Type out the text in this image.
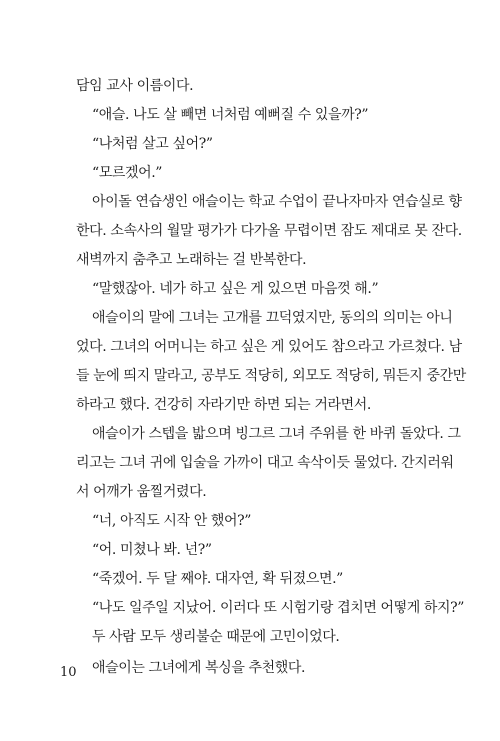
담임 교사 이름이다.
“애슬. 나도 살 빼면 너처럼 예뻐질 수 있을까?”
“나처럼 살고 싶어?”
“모르겠어.”
아이돌 연습생인 애슬이는 학교 수업이 끝나자마자 연습실로 향
한다. 소속사의 월말 평가가 다가올 무렵이면 잠도 제대로 못 잔다.
새벽까지 춤추고 노래하는 걸 반복한다.
“말했잖아. 네가 하고 싶은 게 있으면 마음껏 해.”
애슬이의 말에 그녀는 고개를 끄덕였지만, 동의의 의미는 아니
었다. 그녀의 어머니는 하고 싶은 게 있어도 참으라고 가르쳤다. 남
들 눈에 띄지 말라고, 공부도 적당히, 외모도 적당히, 뭐든지 중간만
하라고 했다. 건강히 자라기만 하면 되는 거라면서.
애슬이가 스텝을 밟으며 빙그르 그녀 주위를 한 바퀴 돌았다. 그
리고는 그녀 귀에 입술을 가까이 대고 속삭이듯 물었다. 간지러워
서 어깨가 움찔거렸다.
“너, 아직도 시작 안 했어?”
“어. 미쳤나 봐. 넌?”
“죽겠어. 두 달 째야. 대자연, 확 뒤졌으면.”
“나도 일주일 지났어. 이러다 또 시험기랑 겹치면 어떻게 하지?”
두 사람 모두 생리불순 때문에 고민이었다.
애슬이는 그녀에게 복싱을 추천했다.
10
